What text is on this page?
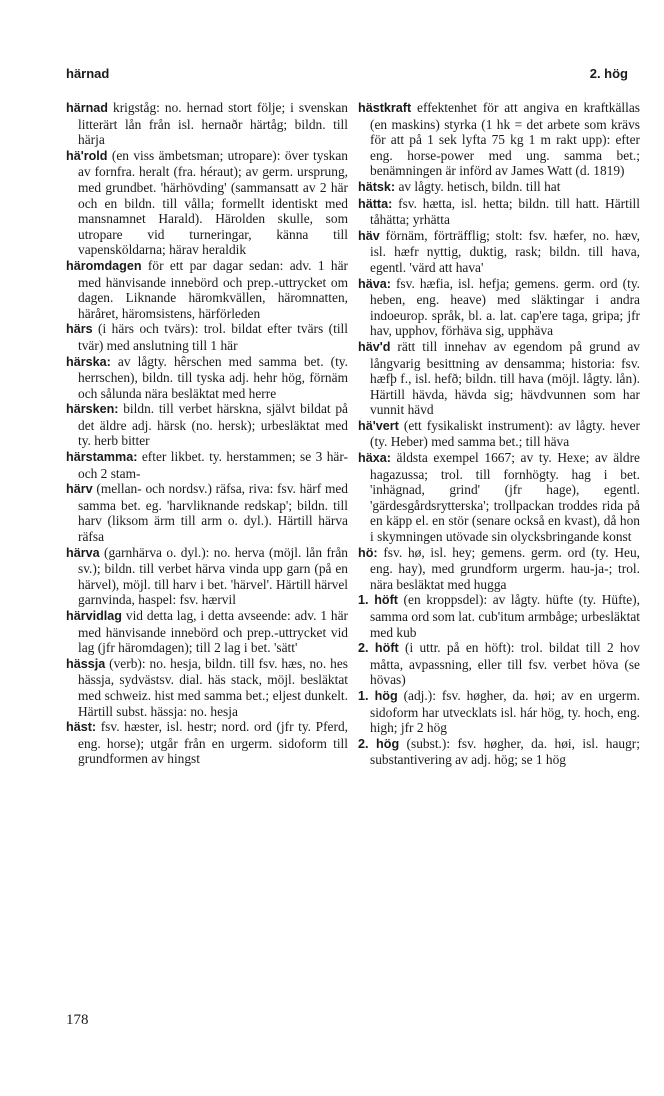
härnad	2. hög

härnad krigståg: no. hernad stort följe; i svenskan litterärt lån från isl. hernaðr härtåg; bildn. till härja

hä'rold (en viss ämbetsman; utropare): över tyskan av fornfra. heralt (fra. héraut); av germ. ursprung, med grundbet. 'härhövding' (sammansatt av 2 här och en bildn. till vålla; formellt identiskt med mansnamnet Harald). Härolden skulle, som utropare vid turneringar, känna till vapensköldarna; härav heraldik

häromdagen för ett par dagar sedan: adv. 1 här med hänvisande innebörd och prep.-uttrycket om dagen. Liknande häromkvällen, häromnatten, häråret, häromsistens, härförleden

härs (i härs och tvärs): trol. bildat efter tvärs (till tvär) med anslutning till 1 här

härska: av lågty. hêrschen med samma bet. (ty. herrschen), bildn. till tyska adj. hehr hög, förnäm och sålunda nära besläktat med herre

härsken: bildn. till verbet härskna, självt bildat på det äldre adj. härsk (no. hersk); urbesläktat med ty. herb bitter

härstamma: efter likbet. ty. herstammen; se 3 här- och 2 stam-

härv (mellan- och nordsv.) räfsa, riva: fsv. härf med samma bet. eg. 'harvliknande redskap'; bildn. till harv (liksom ärm till arm o. dyl.). Härtill härva räfsa

härva (garnhärva o. dyl.): no. herva (möjl. lån från sv.); bildn. till verbet härva vinda upp garn (på en härvel), möjl. till harv i bet. 'härvel'. Härtill härvel garnvinda, haspel: fsv. hærvil

härvidlag vid detta lag, i detta avseende: adv. 1 här med hänvisande innebörd och prep.-uttrycket vid lag (jfr häromdagen); till 2 lag i bet. 'sätt'

hässja (verb): no. hesja, bildn. till fsv. hæs, no. hes hässja, sydvästsv. dial. häs stack, möjl. besläktat med schweiz. hist med samma bet.; eljest dunkelt. Härtill subst. hässja: no. hesja

häst: fsv. hæster, isl. hestr; nord. ord (jfr ty. Pferd, eng. horse); utgår från en urgerm. sidoform till grundformen av hingst

hästkraft effektenhet för att angiva en kraftkällas (en maskins) styrka (1 hk = det arbete som krävs för att på 1 sek lyfta 75 kg 1 m rakt upp): efter eng. horse-power med ung. samma bet.; benämningen är införd av James Watt (d. 1819)

hätsk: av lågty. hetisch, bildn. till hat

hätta: fsv. hætta, isl. hetta; bildn. till hatt. Härtill tåhätta; yrhätta

häv förnäm, förträfflig; stolt: fsv. hæfer, no. hæv, isl. hæfr nyttig, duktig, rask; bildn. till hava, egentl. 'värd att hava'

häva: fsv. hæfia, isl. hefja; gemens. germ. ord (ty. heben, eng. heave) med släktingar i andra indoeurop. språk, bl. a. lat. cap'ere taga, gripa; jfr hav, upphov, förhäva sig, upphäva

häv'd rätt till innehav av egendom på grund av långvarig besittning av densamma; historia: fsv. hæfþ f., isl. hefð; bildn. till hava (möjl. lågty. lån). Härtill hävda, hävda sig; hävdvunnen som har vunnit hävd

hä'vert (ett fysikaliskt instrument): av lågty. hever (ty. Heber) med samma bet.; till häva

häxa: äldsta exempel 1667; av ty. Hexe; av äldre hagazussa; trol. till fornhögty. hag i bet. 'inhägnad, grind' (jfr hage), egentl. 'gärdesgårdsrytterska'; trollpackan troddes rida på en käpp el. en stör (senare också en kvast), då hon i skymningen utövade sin olycksbringande konst

hö: fsv. hø, isl. hey; gemens. germ. ord (ty. Heu, eng. hay), med grundform urgerm. hau-ja-; trol. nära besläktat med hugga

1. höft (en kroppsdel): av lågty. hüfte (ty. Hüfte), samma ord som lat. cub'itum armbåge; urbesläktat med kub

2. höft (i uttr. på en höft): trol. bildat till 2 hov måtta, avpassning, eller till fsv. verbet höva (se hövas)

1. hög (adj.): fsv. høgher, da. høi; av en urgerm. sidoform har utvecklats isl. hár hög, ty. hoch, eng. high; jfr 2 hög

2. hög (subst.): fsv. høgher, da. høi, isl. haugr; substantivering av adj. hög; se 1 hög

178
